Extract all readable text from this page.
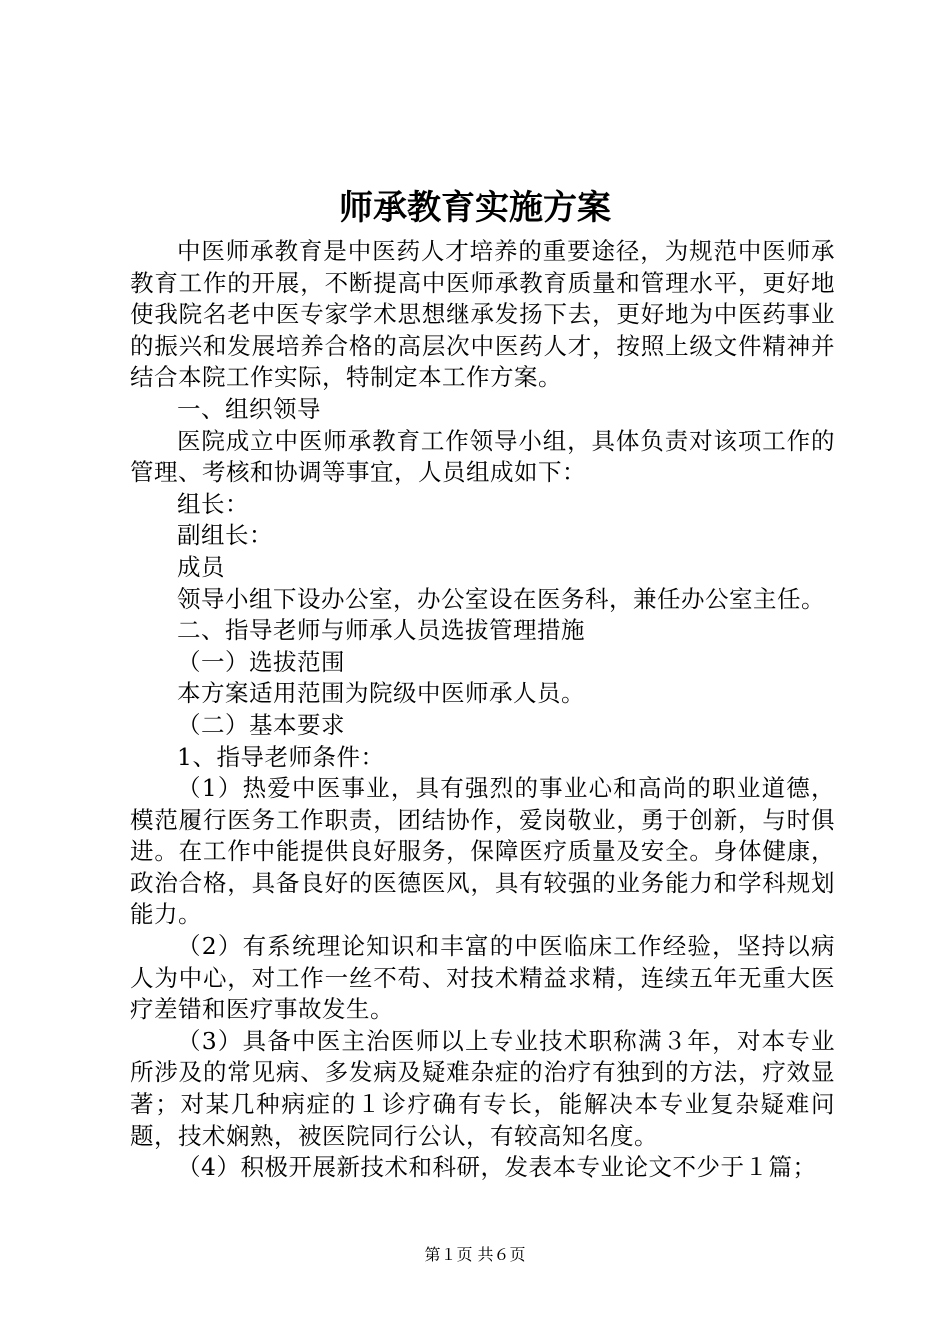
师承教育实施方案

中医师承教育是中医药人才培养的重要途径，为规范中医师承教育工作的开展，不断提高中医师承教育质量和管理水平，更好地使我院名老中医专家学术思想继承发扬下去，更好地为中医药事业的振兴和发展培养合格的高层次中医药人才，按照上级文件精神并结合本院工作实际，特制定本工作方案。

一、组织领导

医院成立中医师承教育工作领导小组，具体负责对该项工作的管理、考核和协调等事宜，人员组成如下：

组长：

副组长：

成员

领导小组下设办公室，办公室设在医务科，兼任办公室主任。

二、指导老师与师承人员选拔管理措施

（一）选拔范围

本方案适用范围为院级中医师承人员。

（二）基本要求

1、指导老师条件：

（1）热爱中医事业，具有强烈的事业心和高尚的职业道德，模范履行医务工作职责，团结协作，爱岗敬业，勇于创新，与时俱进。在工作中能提供良好服务，保障医疗质量及安全。身体健康，政治合格，具备良好的医德医风，具有较强的业务能力和学科规划能力。

（2）有系统理论知识和丰富的中医临床工作经验，坚持以病人为中心，对工作一丝不苟、对技术精益求精，连续五年无重大医疗差错和医疗事故发生。

（3）具备中医主治医师以上专业技术职称满３年，对本专业所涉及的常见病、多发病及疑难杂症的治疗有独到的方法，疗效显著；对某几种病症的１诊疗确有专长，能解决本专业复杂疑难问题，技术娴熟，被医院同行公认，有较高知名度。

（4）积极开展新技术和科研，发表本专业论文不少于１篇；

第１页 共６页
